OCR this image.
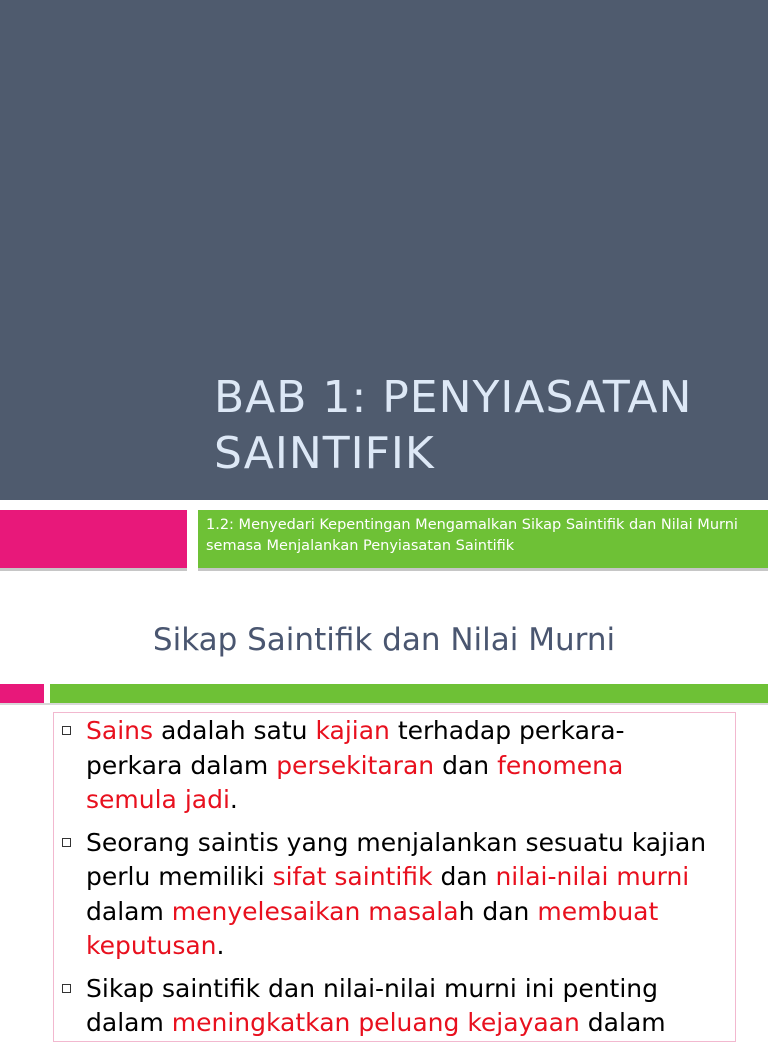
BAB 1: PENYIASATAN SAINTIFIK
1.2: Menyedari Kepentingan Mengamalkan Sikap Saintifik dan Nilai Murni semasa Menjalankan Penyiasatan Saintifik
Sikap Saintifik dan Nilai Murni
Sains adalah satu kajian terhadap perkara-perkara dalam persekitaran dan fenomena semula jadi.
Seorang saintis yang menjalankan sesuatu kajian perlu memiliki sifat saintifik dan nilai-nilai murni dalam menyelesaikan masalah dan membuat keputusan.
Sikap saintifik dan nilai-nilai murni ini penting dalam meningkatkan peluang kejayaan dalam
